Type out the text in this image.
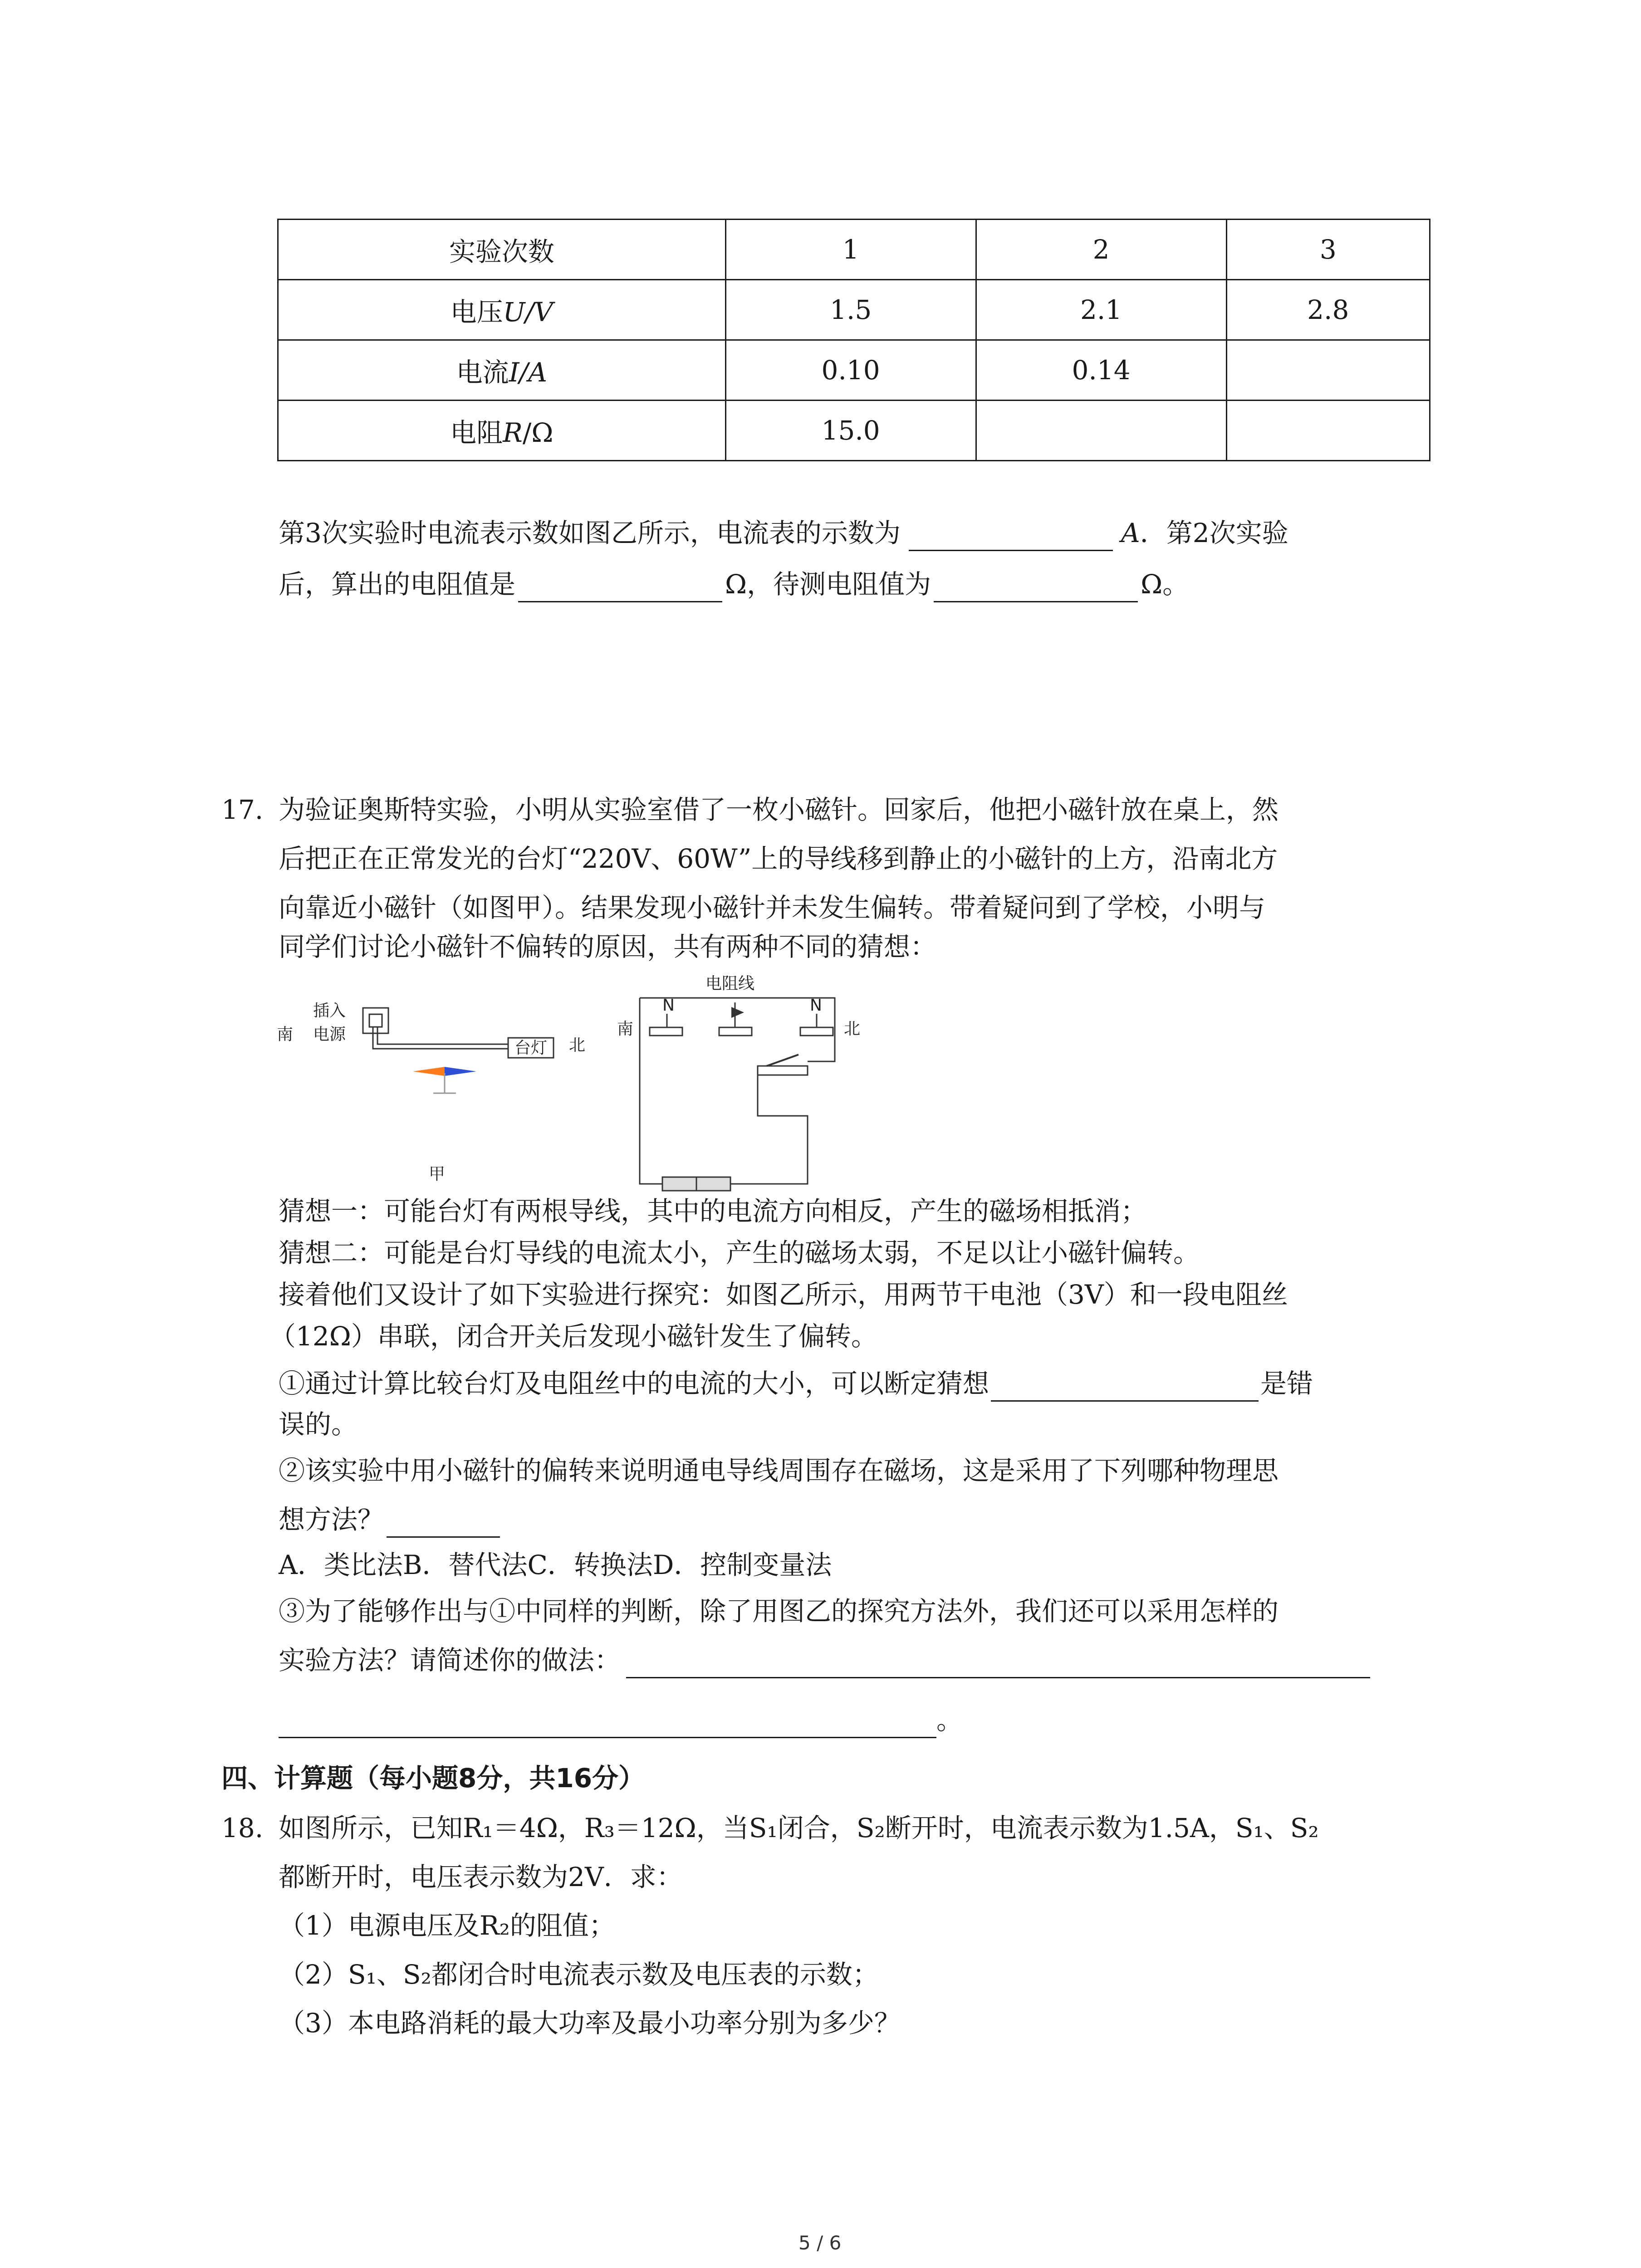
实验次数	1	2	3
电压U/V	1.5	2.1	2.8
电流I/A	0.10	0.14	
电阻R/Ω	15.0		
第3次实验时电流表示数如图乙所示，电流表的示数为	A．第2次实验
后，算出的电阻值是	Ω，待测电阻值为	Ω。
17. 为验证奥斯特实验，小明从实验室借了一枚小磁针。回家后，他把小磁针放在桌上，然
后把正在正常发光的台灯“220V、60W”上的导线移到静止的小磁针的上方，沿南北方
向靠近小磁针（如图甲）。结果发现小磁针并未发生偏转。带着疑问到了学校，小明与
同学们讨论小磁针不偏转的原因，共有两种不同的猜想：
插入
电源
南
台灯 北
甲
电阻线
南	北
N	N
猜想一：可能台灯有两根导线，其中的电流方向相反，产生的磁场相抵消；
猜想二：可能是台灯导线的电流太小，产生的磁场太弱，不足以让小磁针偏转。
接着他们又设计了如下实验进行探究：如图乙所示，用两节干电池（3V）和一段电阻丝
（12Ω）串联，闭合开关后发现小磁针发生了偏转。
①通过计算比较台灯及电阻丝中的电流的大小，可以断定猜想	是错
误的。
②该实验中用小磁针的偏转来说明通电导线周围存在磁场，这是采用了下列哪种物理思
想方法？
A．类比法B．替代法C．转换法D．控制变量法
③为了能够作出与①中同样的判断，除了用图乙的探究方法外，我们还可以采用怎样的
实验方法？请简述你的做法：
。
四、计算题（每小题8分，共16分）
18. 如图所示，已知R₁＝4Ω，R₃＝12Ω，当S₁闭合，S₂断开时，电流表示数为1.5A，S₁、S₂
都断开时，电压表示数为2V．求：
（1）电源电压及R₂的阻值；
（2）S₁、S₂都闭合时电流表示数及电压表的示数；
（3）本电路消耗的最大功率及最小功率分别为多少？
5 / 6
